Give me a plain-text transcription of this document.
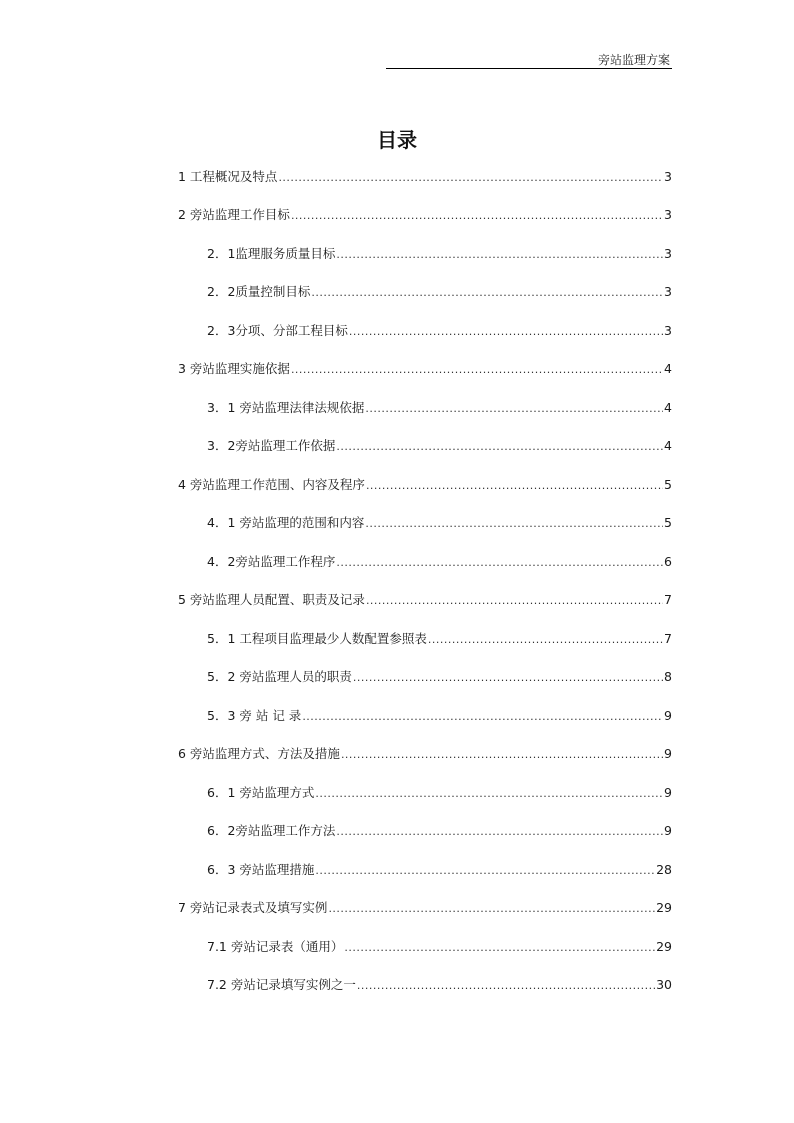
旁站监理方案
目录
1 工程概况及特点 .....	3
2 旁站监理工作目标 .....	3
2．1监理服务质量目标 .....	3
2．2质量控制目标 .....	3
2．3分项、分部工程目标 .....	3
3 旁站监理实施依据 .....	4
3．1 旁站监理法律法规依据 .....	4
3．2旁站监理工作依据 .....	4
4 旁站监理工作范围、内容及程序 .....	5
4．1 旁站监理的范围和内容 .....	5
4．2旁站监理工作程序 .....	6
5 旁站监理人员配置、职责及记录 .....	7
5．1 工程项目监理最少人数配置参照表 .....	7
5．2 旁站监理人员的职责 .....	8
5．3 旁 站 记 录 .....	9
6 旁站监理方式、方法及措施 .....	9
6．1 旁站监理方式 .....	9
6．2旁站监理工作方法 .....	9
6．3 旁站监理措施 .....	28
7 旁站记录表式及填写实例 .....	29
7.1 旁站记录表（通用） .....	29
7.2 旁站记录填写实例之一 .....	30
